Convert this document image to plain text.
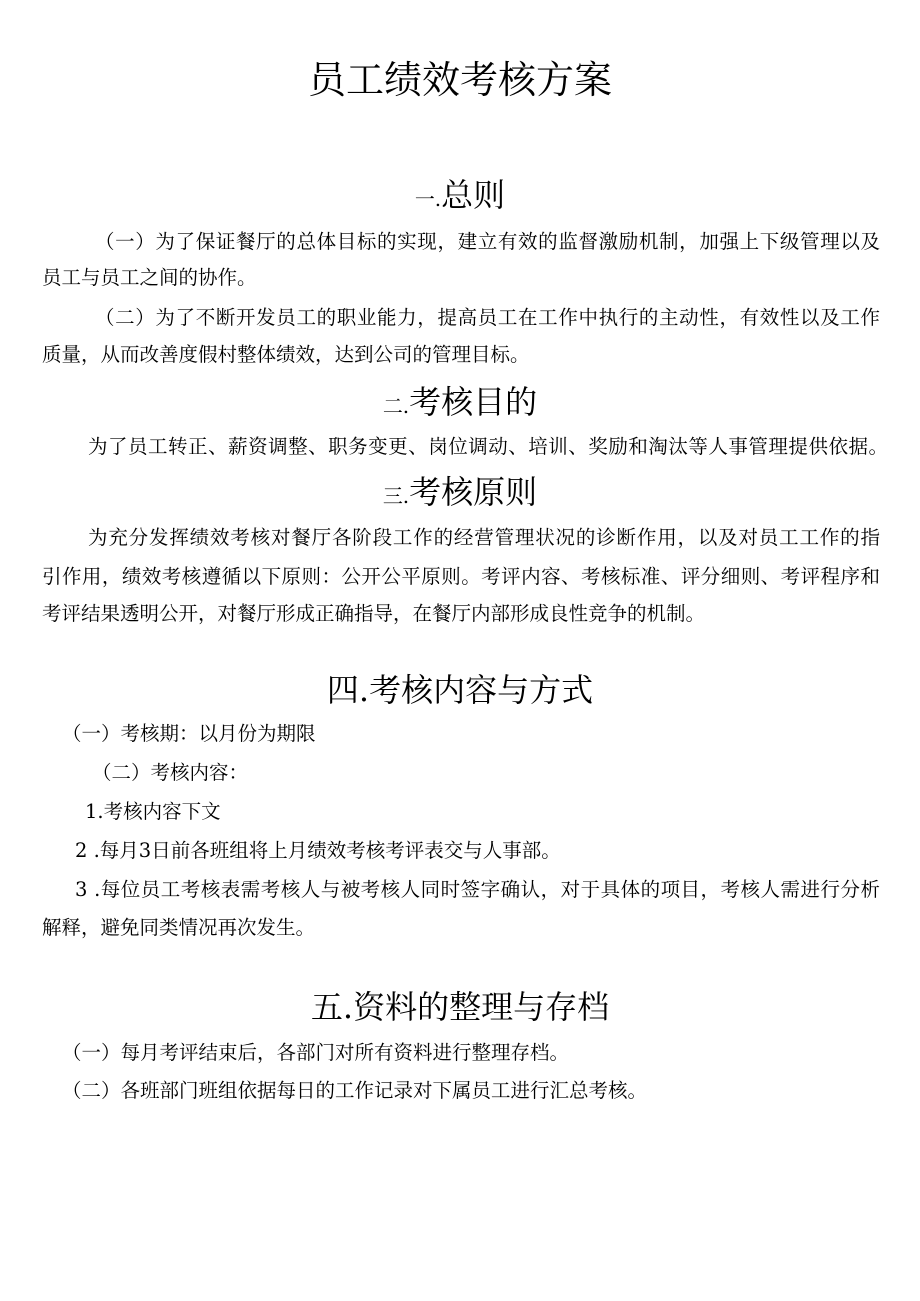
员工绩效考核方案
一.总则
（一）为了保证餐厅的总体目标的实现，建立有效的监督激励机制，加强上下级管理以及
员工与员工之间的协作。
（二）为了不断开发员工的职业能力，提高员工在工作中执行的主动性，有效性以及工作
质量，从而改善度假村整体绩效，达到公司的管理目标。
二.考核目的
为了员工转正、薪资调整、职务变更、岗位调动、培训、奖励和淘汰等人事管理提供依据。
三.考核原则
为充分发挥绩效考核对餐厅各阶段工作的经营管理状况的诊断作用，以及对员工工作的指
引作用，绩效考核遵循以下原则：公开公平原则。考评内容、考核标准、评分细则、考评程序和
考评结果透明公开，对餐厅形成正确指导，在餐厅内部形成良性竞争的机制。
四.考核内容与方式
（一）考核期：以月份为期限
（二）考核内容：
1.考核内容下文
2 .每月3日前各班组将上月绩效考核考评表交与人事部。
3 .每位员工考核表需考核人与被考核人同时签字确认，对于具体的项目，考核人需进行分析
解释，避免同类情况再次发生。
五.资料的整理与存档
（一）每月考评结束后，各部门对所有资料进行整理存档。
（二）各班部门班组依据每日的工作记录对下属员工进行汇总考核。
